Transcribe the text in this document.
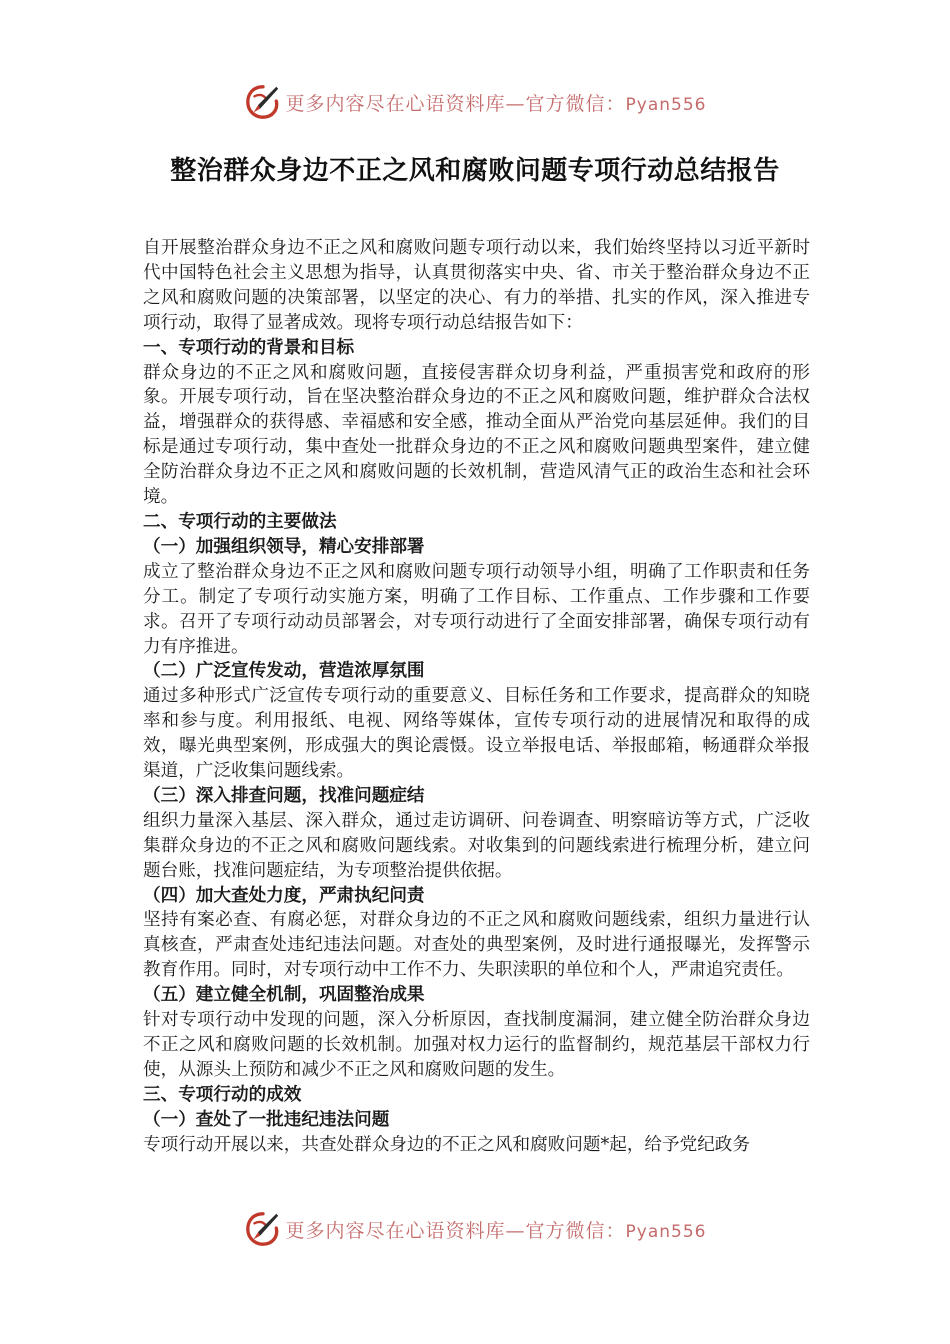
更多内容尽在心语资料库—官方微信：Pyan556
整治群众身边不正之风和腐败问题专项行动总结报告

自开展整治群众身边不正之风和腐败问题专项行动以来，我们始终坚持以习近平新时代中国特色社会主义思想为指导，认真贯彻落实中央、省、市关于整治群众身边不正之风和腐败问题的决策部署，以坚定的决心、有力的举措、扎实的作风，深入推进专项行动，取得了显著成效。现将专项行动总结报告如下：

一、专项行动的背景和目标

群众身边的不正之风和腐败问题，直接侵害群众切身利益，严重损害党和政府的形象。开展专项行动，旨在坚决整治群众身边的不正之风和腐败问题，维护群众合法权益，增强群众的获得感、幸福感和安全感，推动全面从严治党向基层延伸。我们的目标是通过专项行动，集中查处一批群众身边的不正之风和腐败问题典型案件，建立健全防治群众身边不正之风和腐败问题的长效机制，营造风清气正的政治生态和社会环境。

二、专项行动的主要做法
（一）加强组织领导，精心安排部署

成立了整治群众身边不正之风和腐败问题专项行动领导小组，明确了工作职责和任务分工。制定了专项行动实施方案，明确了工作目标、工作重点、工作步骤和工作要求。召开了专项行动动员部署会，对专项行动进行了全面安排部署，确保专项行动有力有序推进。

（二）广泛宣传发动，营造浓厚氛围

通过多种形式广泛宣传专项行动的重要意义、目标任务和工作要求，提高群众的知晓率和参与度。利用报纸、电视、网络等媒体，宣传专项行动的进展情况和取得的成效，曝光典型案例，形成强大的舆论震慑。设立举报电话、举报邮箱，畅通群众举报渠道，广泛收集问题线索。

（三）深入排查问题，找准问题症结

组织力量深入基层、深入群众，通过走访调研、问卷调查、明察暗访等方式，广泛收集群众身边的不正之风和腐败问题线索。对收集到的问题线索进行梳理分析，建立问题台账，找准问题症结，为专项整治提供依据。

（四）加大查处力度，严肃执纪问责

坚持有案必查、有腐必惩，对群众身边的不正之风和腐败问题线索，组织力量进行认真核查，严肃查处违纪违法问题。对查处的典型案例，及时进行通报曝光，发挥警示教育作用。同时，对专项行动中工作不力、失职渎职的单位和个人，严肃追究责任。

（五）建立健全机制，巩固整治成果

针对专项行动中发现的问题，深入分析原因，查找制度漏洞，建立健全防治群众身边不正之风和腐败问题的长效机制。加强对权力运行的监督制约，规范基层干部权力行使，从源头上预防和减少不正之风和腐败问题的发生。

三、专项行动的成效
（一）查处了一批违纪违法问题

专项行动开展以来，共查处群众身边的不正之风和腐败问题*起，给予党纪政务

更多内容尽在心语资料库—官方微信：Pyan556
